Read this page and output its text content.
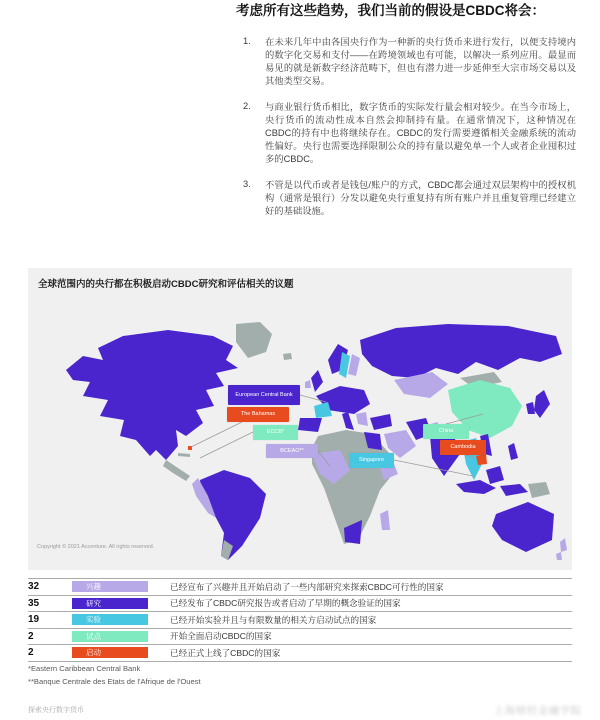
考虑所有这些趋势，我们当前的假设是CBDC将会：
1.	在未来几年中由各国央行作为一种新的央行货币来进行发行，以便支持境内的数字化交易和支付——在跨境领域也有可能，以解决一系列应用。最显而易见的就是新数字经济范畴下，但也有潜力进一步延伸至大宗市场交易以及其他类型交易。
2.	与商业银行货币相比，数字货币的实际发行量会相对较少。在当今市场上，央行货币的流动性成本自然会抑制持有量。在通常情况下，这种情况在CBDC的持有中也将继续存在。CBDC的发行需要遵循相关金融系统的流动性偏好。央行也需要选择限制公众的持有量以避免单一个人或者企业囤积过多的CBDC。
3.	不管是以代币或者是钱包/账户的方式，CBDC都会通过双层架构中的授权机构（通常是银行）分发以避免央行重复持有所有账户并且重复管理已经建立好的基础设施。
全球范围内的央行都在积极启动CBDC研究和评估相关的议题
European Central Bank
The Bahamas
ECCB*
BCEAO**
China
Cambodia
Singapore
Copyright © 2021 Accenture. All rights reserved.
32	兴趣	已经宣布了兴趣并且开始启动了一些内部研究来探索CBDC可行性的国家
35	研究	已经发布了CBDC研究报告或者启动了早期的概念验证的国家
19	实验	已经开始实验并且与有限数量的相关方启动试点的国家
2	试点	开始全面启动CBDC的国家
2	启动	已经正式上线了CBDC的国家
*Eastern Caribbean Central Bank
**Banque Centrale des Etats de l'Afrique de l'Ouest
探索央行数字货币	上海财经金融学院
